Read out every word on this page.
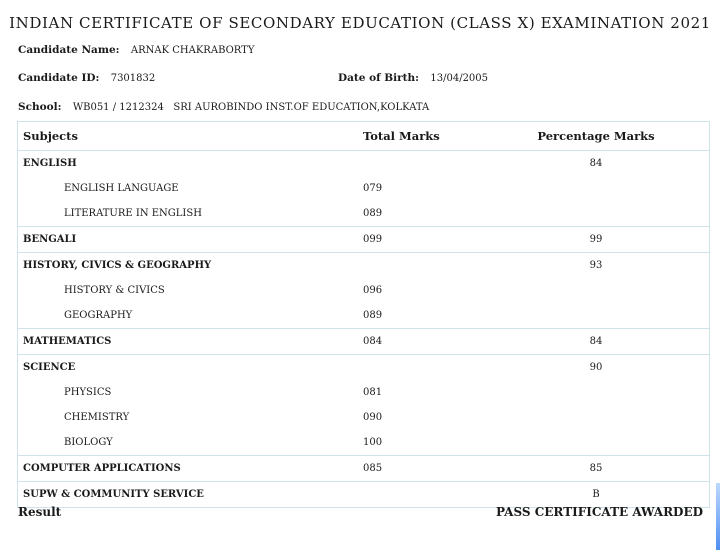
INDIAN CERTIFICATE OF SECONDARY EDUCATION (CLASS X) EXAMINATION 2021
Candidate Name: ARNAK CHAKRABORTY
Candidate ID: 7301832	Date of Birth: 13/04/2005
School: WB051 / 1212324   SRI AUROBINDO INST.OF EDUCATION,KOLKATA
Subjects	Total Marks	Percentage Marks
ENGLISH		84
ENGLISH LANGUAGE	079	
LITERATURE IN ENGLISH	089	
BENGALI	099	99
HISTORY, CIVICS & GEOGRAPHY		93
HISTORY & CIVICS	096	
GEOGRAPHY	089	
MATHEMATICS	084	84
SCIENCE		90
PHYSICS	081	
CHEMISTRY	090	
BIOLOGY	100	
COMPUTER APPLICATIONS	085	85
SUPW & COMMUNITY SERVICE		B
Result	PASS CERTIFICATE AWARDED
